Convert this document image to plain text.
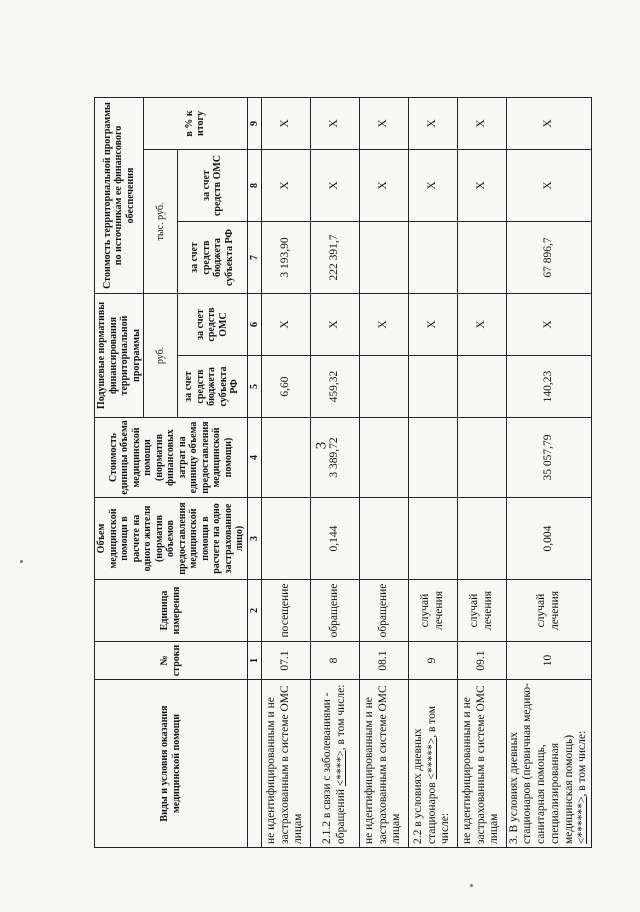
3
Виды и условия оказания медицинской помощи	№ строки	Единица измерения	Объем медицинской помощи в расчете на одного жителя (норматив объемов предоставления медицинской помощи в расчете на одно застрахованное лицо)	Стоимость единицы объема медицинской помощи (норматив финансовых затрат на единицу объема предоставления медицинской помощи)	Подушевые нормативы финансирования территориальной программы		Стоимость территориальной программы по источникам ее финансового обеспечения		
					руб.		тыс. руб.		в % к итогу
					за счет средств бюджета субъекта РФ	за счет средств ОМС	за счет средств бюджета субъекта РФ	за счет средств ОМС	

	1	2	3	4	5	6	7	8	9
не идентифицированным и не застрахованным в системе ОМС лицам	07.1	посещение			6,60	X	3 193,90	X	X
2.1.2 в связи с заболеваниями - обращений <****>, в том числе:	8	обращение	0,144	3 389,72	459,32	X	222 391,7	X	X
не идентифицированным и не застрахованным в системе ОМС лицам	08.1	обращение				X		X	X
2.2 в условиях дневных стационаров <*****>, в том числе:	9	случай лечения				X		X	X
не идентифицированным и не застрахованным в системе ОМС лицам	09.1	случай лечения				X		X	X
3. В условиях дневных стационаров (первичная медико-санитарная помощь, специализированная медицинская помощь) <******>, в том числе:	10	случай лечения	0,004	35 057,79	140,23	X	67 896,7	X	X
